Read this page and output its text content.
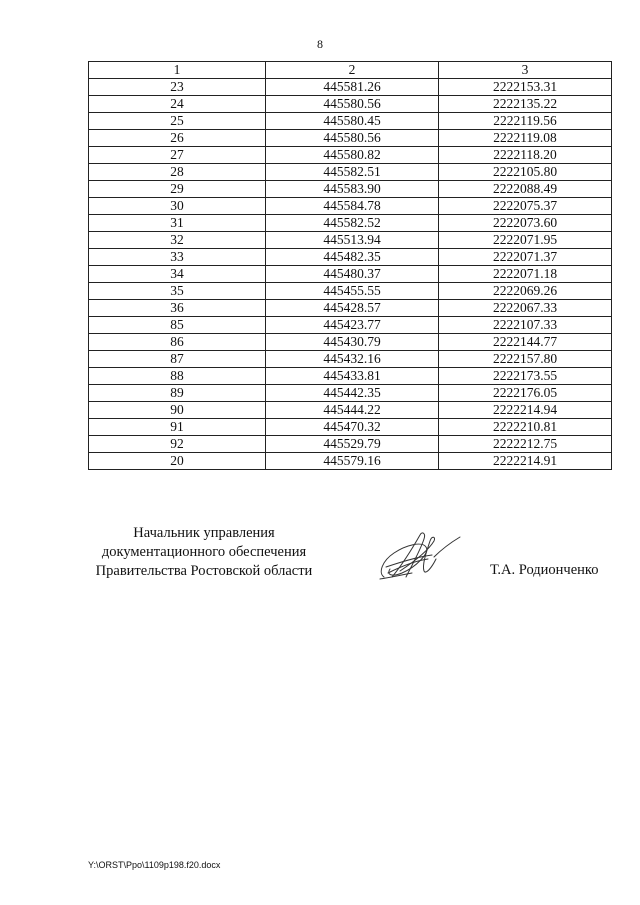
8
1	2	3
23	445581.26	2222153.31
24	445580.56	2222135.22
25	445580.45	2222119.56
26	445580.56	2222119.08
27	445580.82	2222118.20
28	445582.51	2222105.80
29	445583.90	2222088.49
30	445584.78	2222075.37
31	445582.52	2222073.60
32	445513.94	2222071.95
33	445482.35	2222071.37
34	445480.37	2222071.18
35	445455.55	2222069.26
36	445428.57	2222067.33
85	445423.77	2222107.33
86	445430.79	2222144.77
87	445432.16	2222157.80
88	445433.81	2222173.55
89	445442.35	2222176.05
90	445444.22	2222214.94
91	445470.32	2222210.81
92	445529.79	2222212.75
20	445579.16	2222214.91
Начальник управления
документационного обеспечения
Правительства Ростовской области	Т.А. Родионченко
Y:\ORST\Ppo\1109p198.f20.docx
